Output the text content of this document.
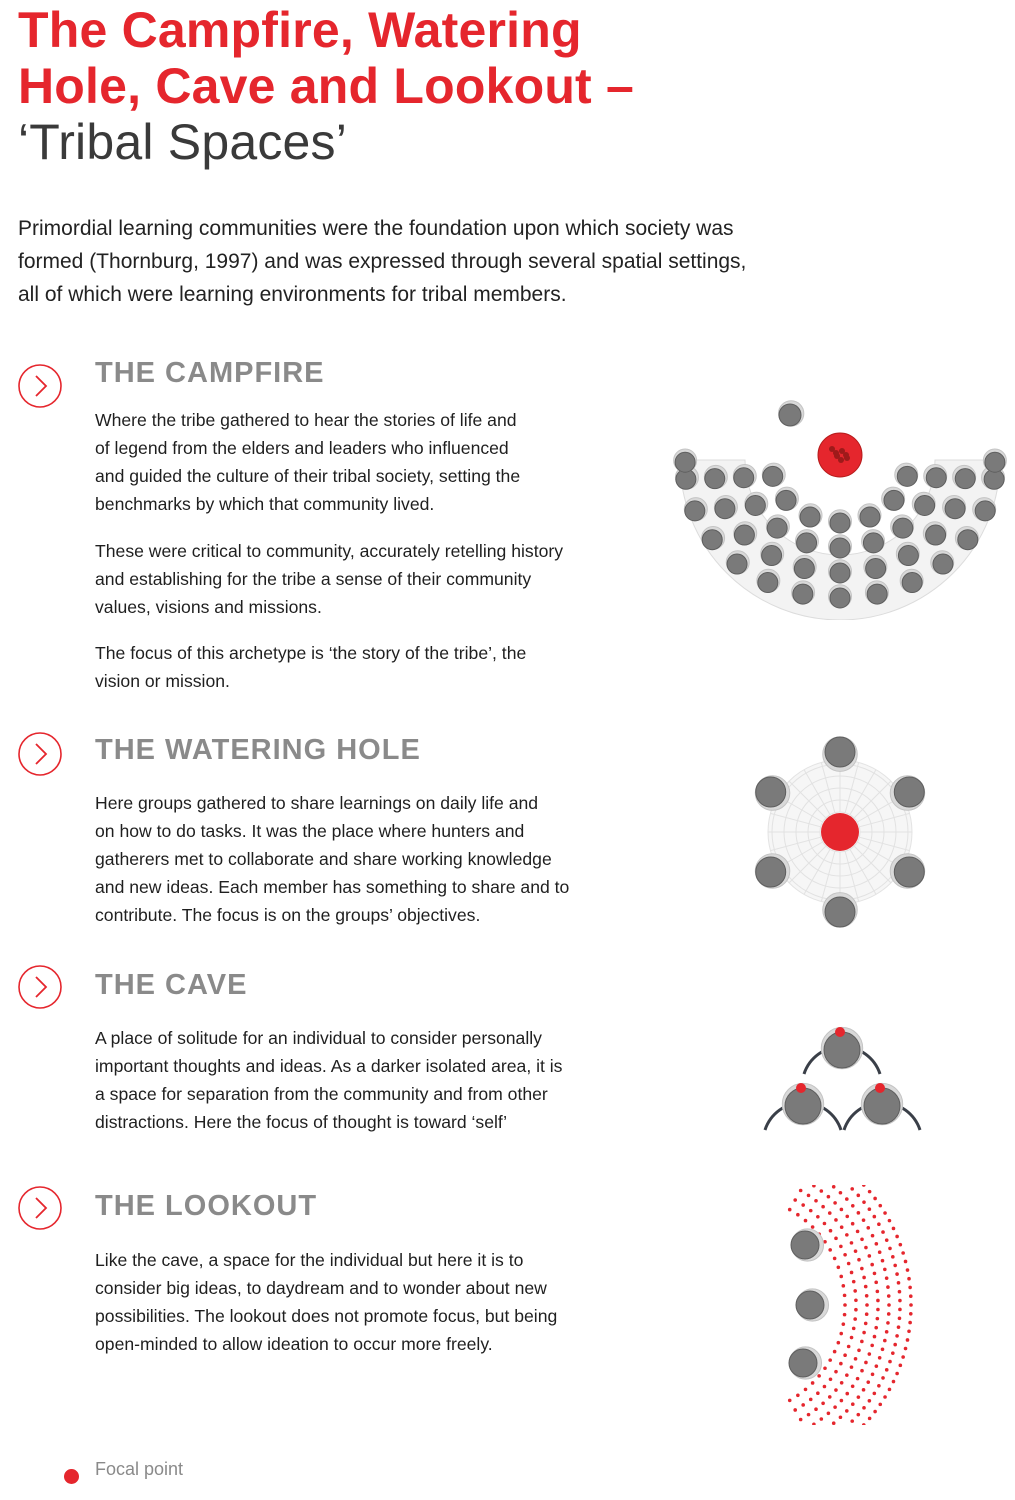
The Campfire, Watering
Hole, Cave and Lookout –
‘Tribal Spaces’
Primordial learning communities were the foundation upon which society was
formed (Thornburg, 1997) and was expressed through several spatial settings,
all of which were learning environments for tribal members.
THE CAMPFIRE
Where the tribe gathered to hear the stories of life and
of legend from the elders and leaders who influenced
and guided the culture of their tribal society, setting the
benchmarks by which that community lived.
These were critical to community, accurately retelling history
and establishing for the tribe a sense of their community
values, visions and missions.
The focus of this archetype is ‘the story of the tribe’, the
vision or mission.
THE WATERING HOLE
Here groups gathered to share learnings on daily life and
on how to do tasks. It was the place where hunters and
gatherers met to collaborate and share working knowledge
and new ideas. Each member has something to share and to
contribute. The focus is on the groups’ objectives.
THE CAVE
A place of solitude for an individual to consider personally
important thoughts and ideas. As a darker isolated area, it is
a space for separation from the community and from other
distractions. Here the focus of thought is toward ‘self’
THE LOOKOUT
Like the cave, a space for the individual but here it is to
consider big ideas, to daydream and to wonder about new
possibilities. The lookout does not promote focus, but being
open-minded to allow ideation to occur more freely.
Focal point
